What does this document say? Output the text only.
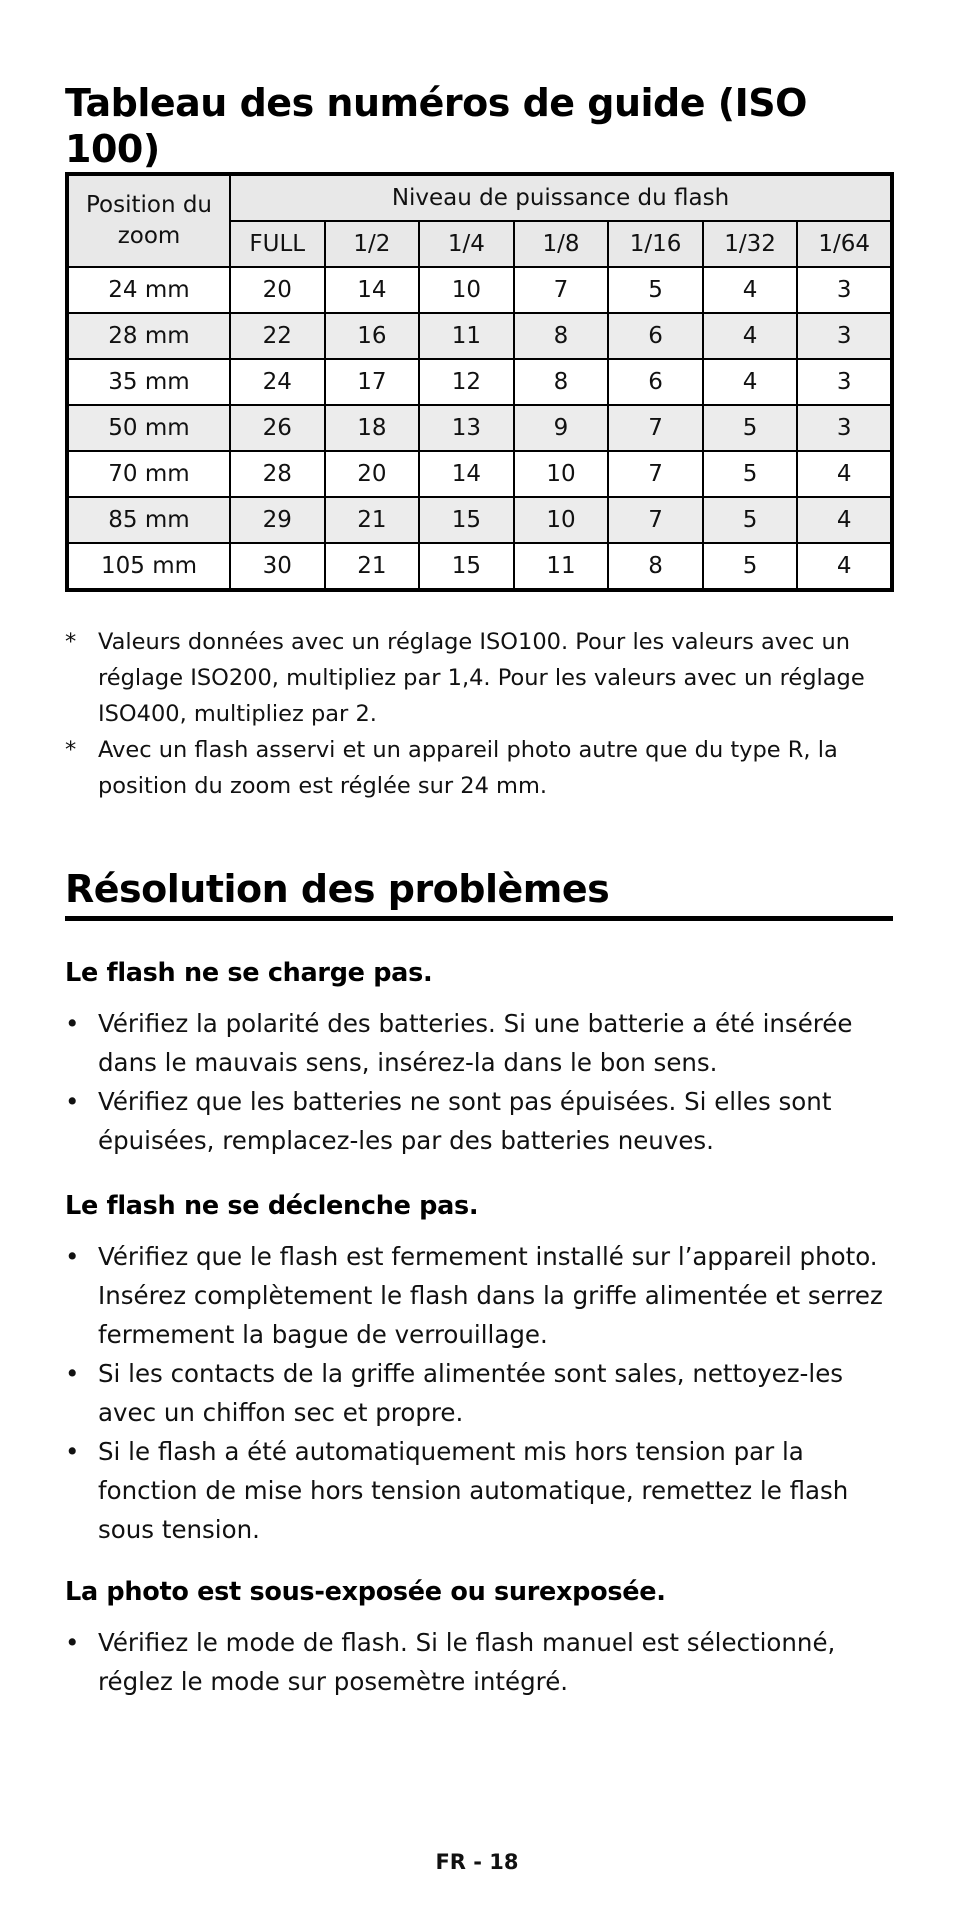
Tableau des numéros de guide (ISO 100)
Position du zoom	Niveau de puissance du flash						
	FULL	1/2	1/4	1/8	1/16	1/32	1/64
24 mm	20	14	10	7	5	4	3
28 mm	22	16	11	8	6	4	3
35 mm	24	17	12	8	6	4	3
50 mm	26	18	13	9	7	5	3
70 mm	28	20	14	10	7	5	4
85 mm	29	21	15	10	7	5	4
105 mm	30	21	15	11	8	5	4
* Valeurs données avec un réglage ISO100. Pour les valeurs avec un réglage ISO200, multipliez par 1,4. Pour les valeurs avec un réglage ISO400, multipliez par 2.
* Avec un flash asservi et un appareil photo autre que du type R, la position du zoom est réglée sur 24 mm.
Résolution des problèmes
Le flash ne se charge pas.
• Vérifiez la polarité des batteries. Si une batterie a été insérée dans le mauvais sens, insérez-la dans le bon sens.
• Vérifiez que les batteries ne sont pas épuisées. Si elles sont épuisées, remplacez-les par des batteries neuves.
Le flash ne se déclenche pas.
• Vérifiez que le flash est fermement installé sur l’appareil photo. Insérez complètement le flash dans la griffe alimentée et serrez fermement la bague de verrouillage.
• Si les contacts de la griffe alimentée sont sales, nettoyez-les avec un chiffon sec et propre.
• Si le flash a été automatiquement mis hors tension par la fonction de mise hors tension automatique, remettez le flash sous tension.
La photo est sous-exposée ou surexposée.
• Vérifiez le mode de flash. Si le flash manuel est sélectionné, réglez le mode sur posemètre intégré.
FR - 18
